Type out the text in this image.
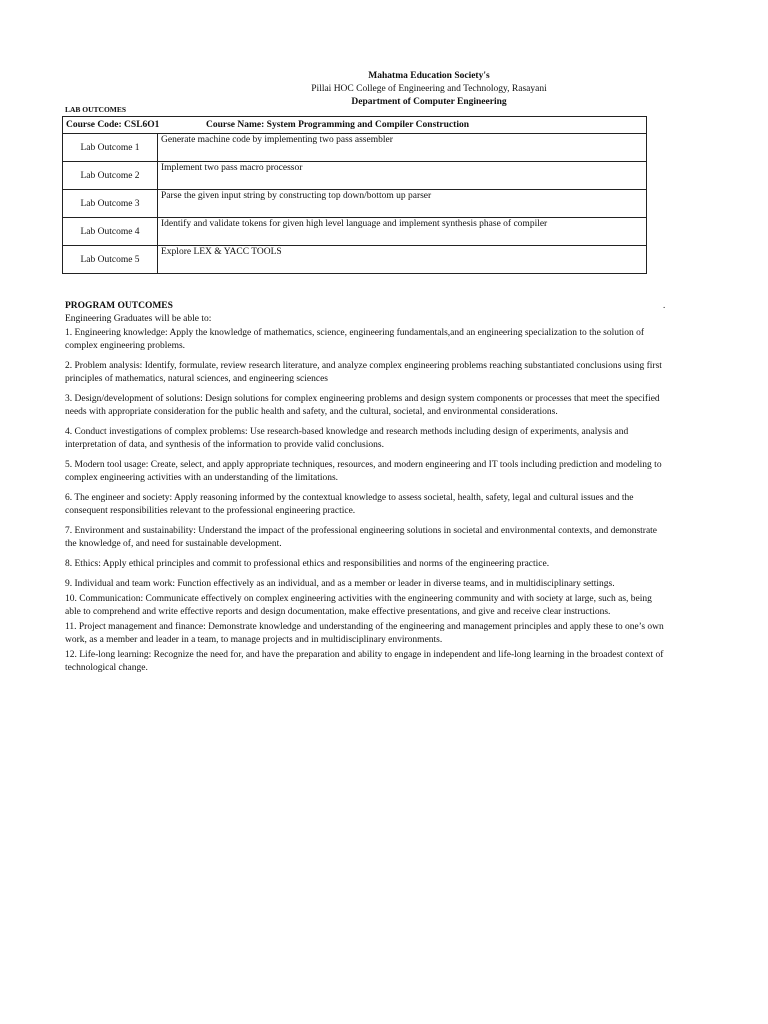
Mahatma Education Society's
Pillai HOC College of Engineering and Technology, Rasayani
Department of Computer Engineering
LAB OUTCOMES
Course Code: CSL6O1 Course Name: System Programming and Compiler Construction	
Lab Outcome 1	Generate machine code by implementing two pass assembler
Lab Outcome 2	Implement two pass macro processor
Lab Outcome 3	Parse the given input string by constructing top down/bottom up parser
Lab Outcome 4	Identify and validate tokens for given high level language and implement synthesis phase of compiler
Lab Outcome 5	Explore LEX & YACC TOOLS
.
PROGRAM OUTCOMES

Engineering Graduates will be able to:

1. Engineering knowledge: Apply the knowledge of mathematics, science, engineering fundamentals,and an engineering specialization to the solution of complex engineering problems.

2. Problem analysis: Identify, formulate, review research literature, and analyze complex engineering problems reaching substantiated conclusions using first principles of mathematics, natural sciences, and engineering sciences

3. Design/development of solutions: Design solutions for complex engineering problems and design system components or processes that meet the specified needs with appropriate consideration for the public health and safety, and the cultural, societal, and environmental considerations.

4. Conduct investigations of complex problems: Use research-based knowledge and research methods including design of experiments, analysis and interpretation of data, and synthesis of the information to provide valid conclusions.

5. Modern tool usage: Create, select, and apply appropriate techniques, resources, and modern engineering and IT tools including prediction and modeling to complex engineering activities with an understanding of the limitations.

6. The engineer and society: Apply reasoning informed by the contextual knowledge to assess societal, health, safety, legal and cultural issues and the consequent responsibilities relevant to the professional engineering practice.

7. Environment and sustainability: Understand the impact of the professional engineering solutions in societal and environmental contexts, and demonstrate the knowledge of, and need for sustainable development.

8. Ethics: Apply ethical principles and commit to professional ethics and responsibilities and norms of the engineering practice.

9. Individual and team work: Function effectively as an individual, and as a member or leader in diverse teams, and in multidisciplinary settings.

10. Communication: Communicate effectively on complex engineering activities with the engineering community and with society at large, such as, being able to comprehend and write effective reports and design documentation, make effective presentations, and give and receive clear instructions.

11. Project management and finance: Demonstrate knowledge and understanding of the engineering and management principles and apply these to one’s own work, as a member and leader in a team, to manage projects and in multidisciplinary environments.

12. Life-long learning: Recognize the need for, and have the preparation and ability to engage in independent and life-long learning in the broadest context of technological change.
